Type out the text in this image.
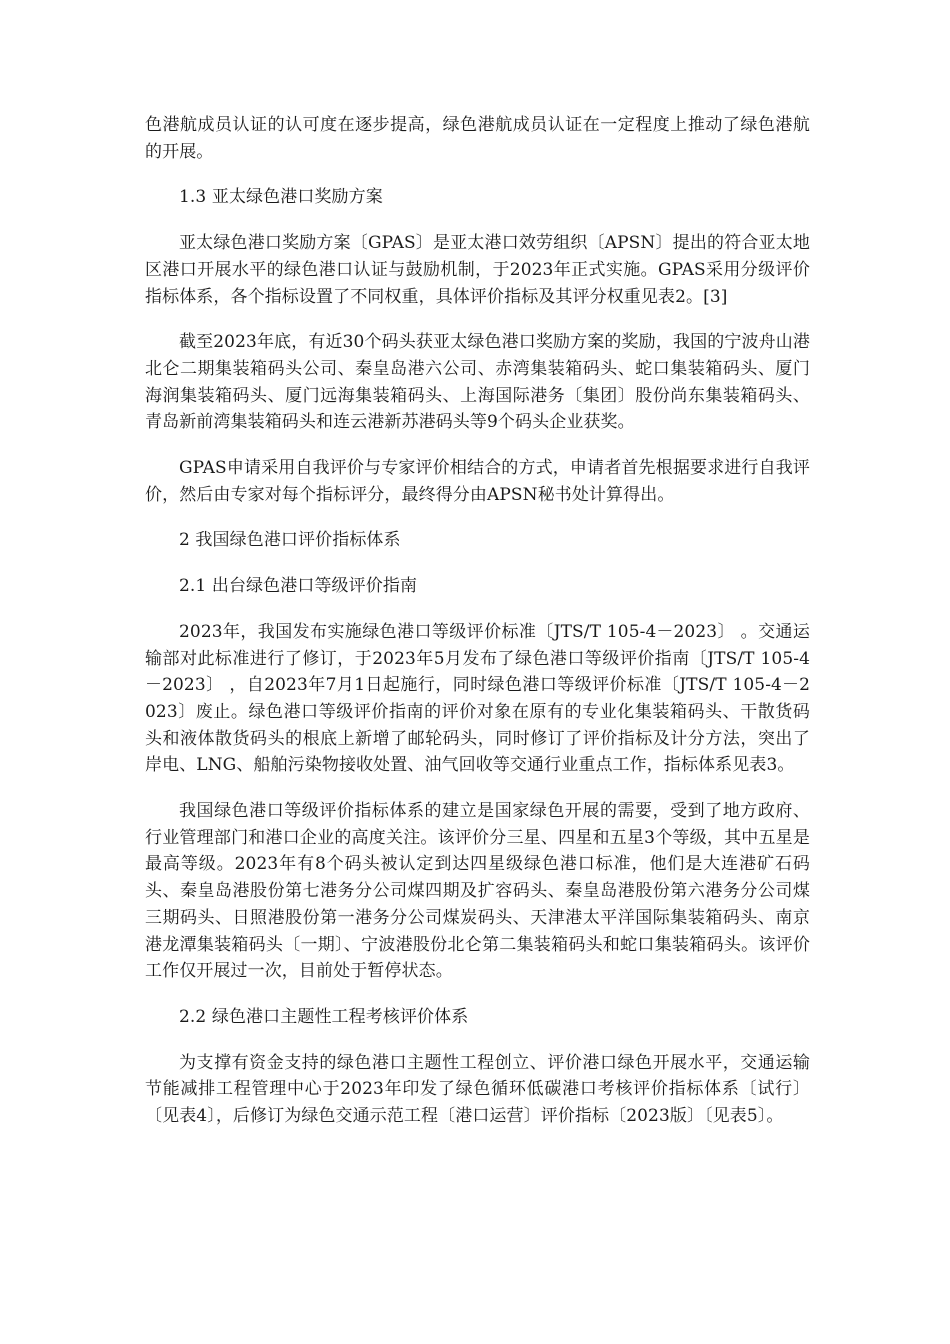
色港航成员认证的认可度在逐步提高，绿色港航成员认证在一定程度上推动了绿色港航的开展。

1.3 亚太绿色港口奖励方案

亚太绿色港口奖励方案〔GPAS〕是亚太港口效劳组织〔APSN〕提出的符合亚太地区港口开展水平的绿色港口认证与鼓励机制，于2023年正式实施。GPAS采用分级评价指标体系，各个指标设置了不同权重，具体评价指标及其评分权重见表2。[3]

截至2023年底，有近30个码头获亚太绿色港口奖励方案的奖励，我国的宁波舟山港北仑二期集装箱码头公司、秦皇岛港六公司、赤湾集装箱码头、蛇口集装箱码头、厦门海润集装箱码头、厦门远海集装箱码头、上海国际港务〔集团〕股份尚东集装箱码头、青岛新前湾集装箱码头和连云港新苏港码头等9个码头企业获奖。

GPAS申请采用自我评价与专家评价相结合的方式，申请者首先根据要求进行自我评价，然后由专家对每个指标评分，最终得分由APSN秘书处计算得出。

2 我国绿色港口评价指标体系

2.1 出台绿色港口等级评价指南

2023年，我国发布实施绿色港口等级评价标准〔JTS/T 105-4－2023〕 。交通运输部对此标准进行了修订，于2023年5月发布了绿色港口等级评价指南〔JTS/T 105-4－2023〕 ，自2023年7月1日起施行，同时绿色港口等级评价标准〔JTS/T 105-4－2023〕废止。绿色港口等级评价指南的评价对象在原有的专业化集装箱码头、干散货码头和液体散货码头的根底上新增了邮轮码头，同时修订了评价指标及计分方法，突出了岸电、LNG、船舶污染物接收处置、油气回收等交通行业重点工作，指标体系见表3。

我国绿色港口等级评价指标体系的建立是国家绿色开展的需要，受到了地方政府、行业管理部门和港口企业的高度关注。该评价分三星、四星和五星3个等级，其中五星是最高等级。2023年有8个码头被认定到达四星级绿色港口标准，他们是大连港矿石码头、秦皇岛港股份第七港务分公司煤四期及扩容码头、秦皇岛港股份第六港务分公司煤三期码头、日照港股份第一港务分公司煤炭码头、天津港太平洋国际集装箱码头、南京港龙潭集装箱码头〔一期〕、宁波港股份北仑第二集装箱码头和蛇口集装箱码头。该评价工作仅开展过一次，目前处于暂停状态。

2.2 绿色港口主题性工程考核评价体系

为支撑有资金支持的绿色港口主题性工程创立、评价港口绿色开展水平，交通运输节能减排工程管理中心于2023年印发了绿色循环低碳港口考核评价指标体系〔试行〕〔见表4〕，后修订为绿色交通示范工程〔港口运营〕评价指标〔2023版〕〔见表5〕。
